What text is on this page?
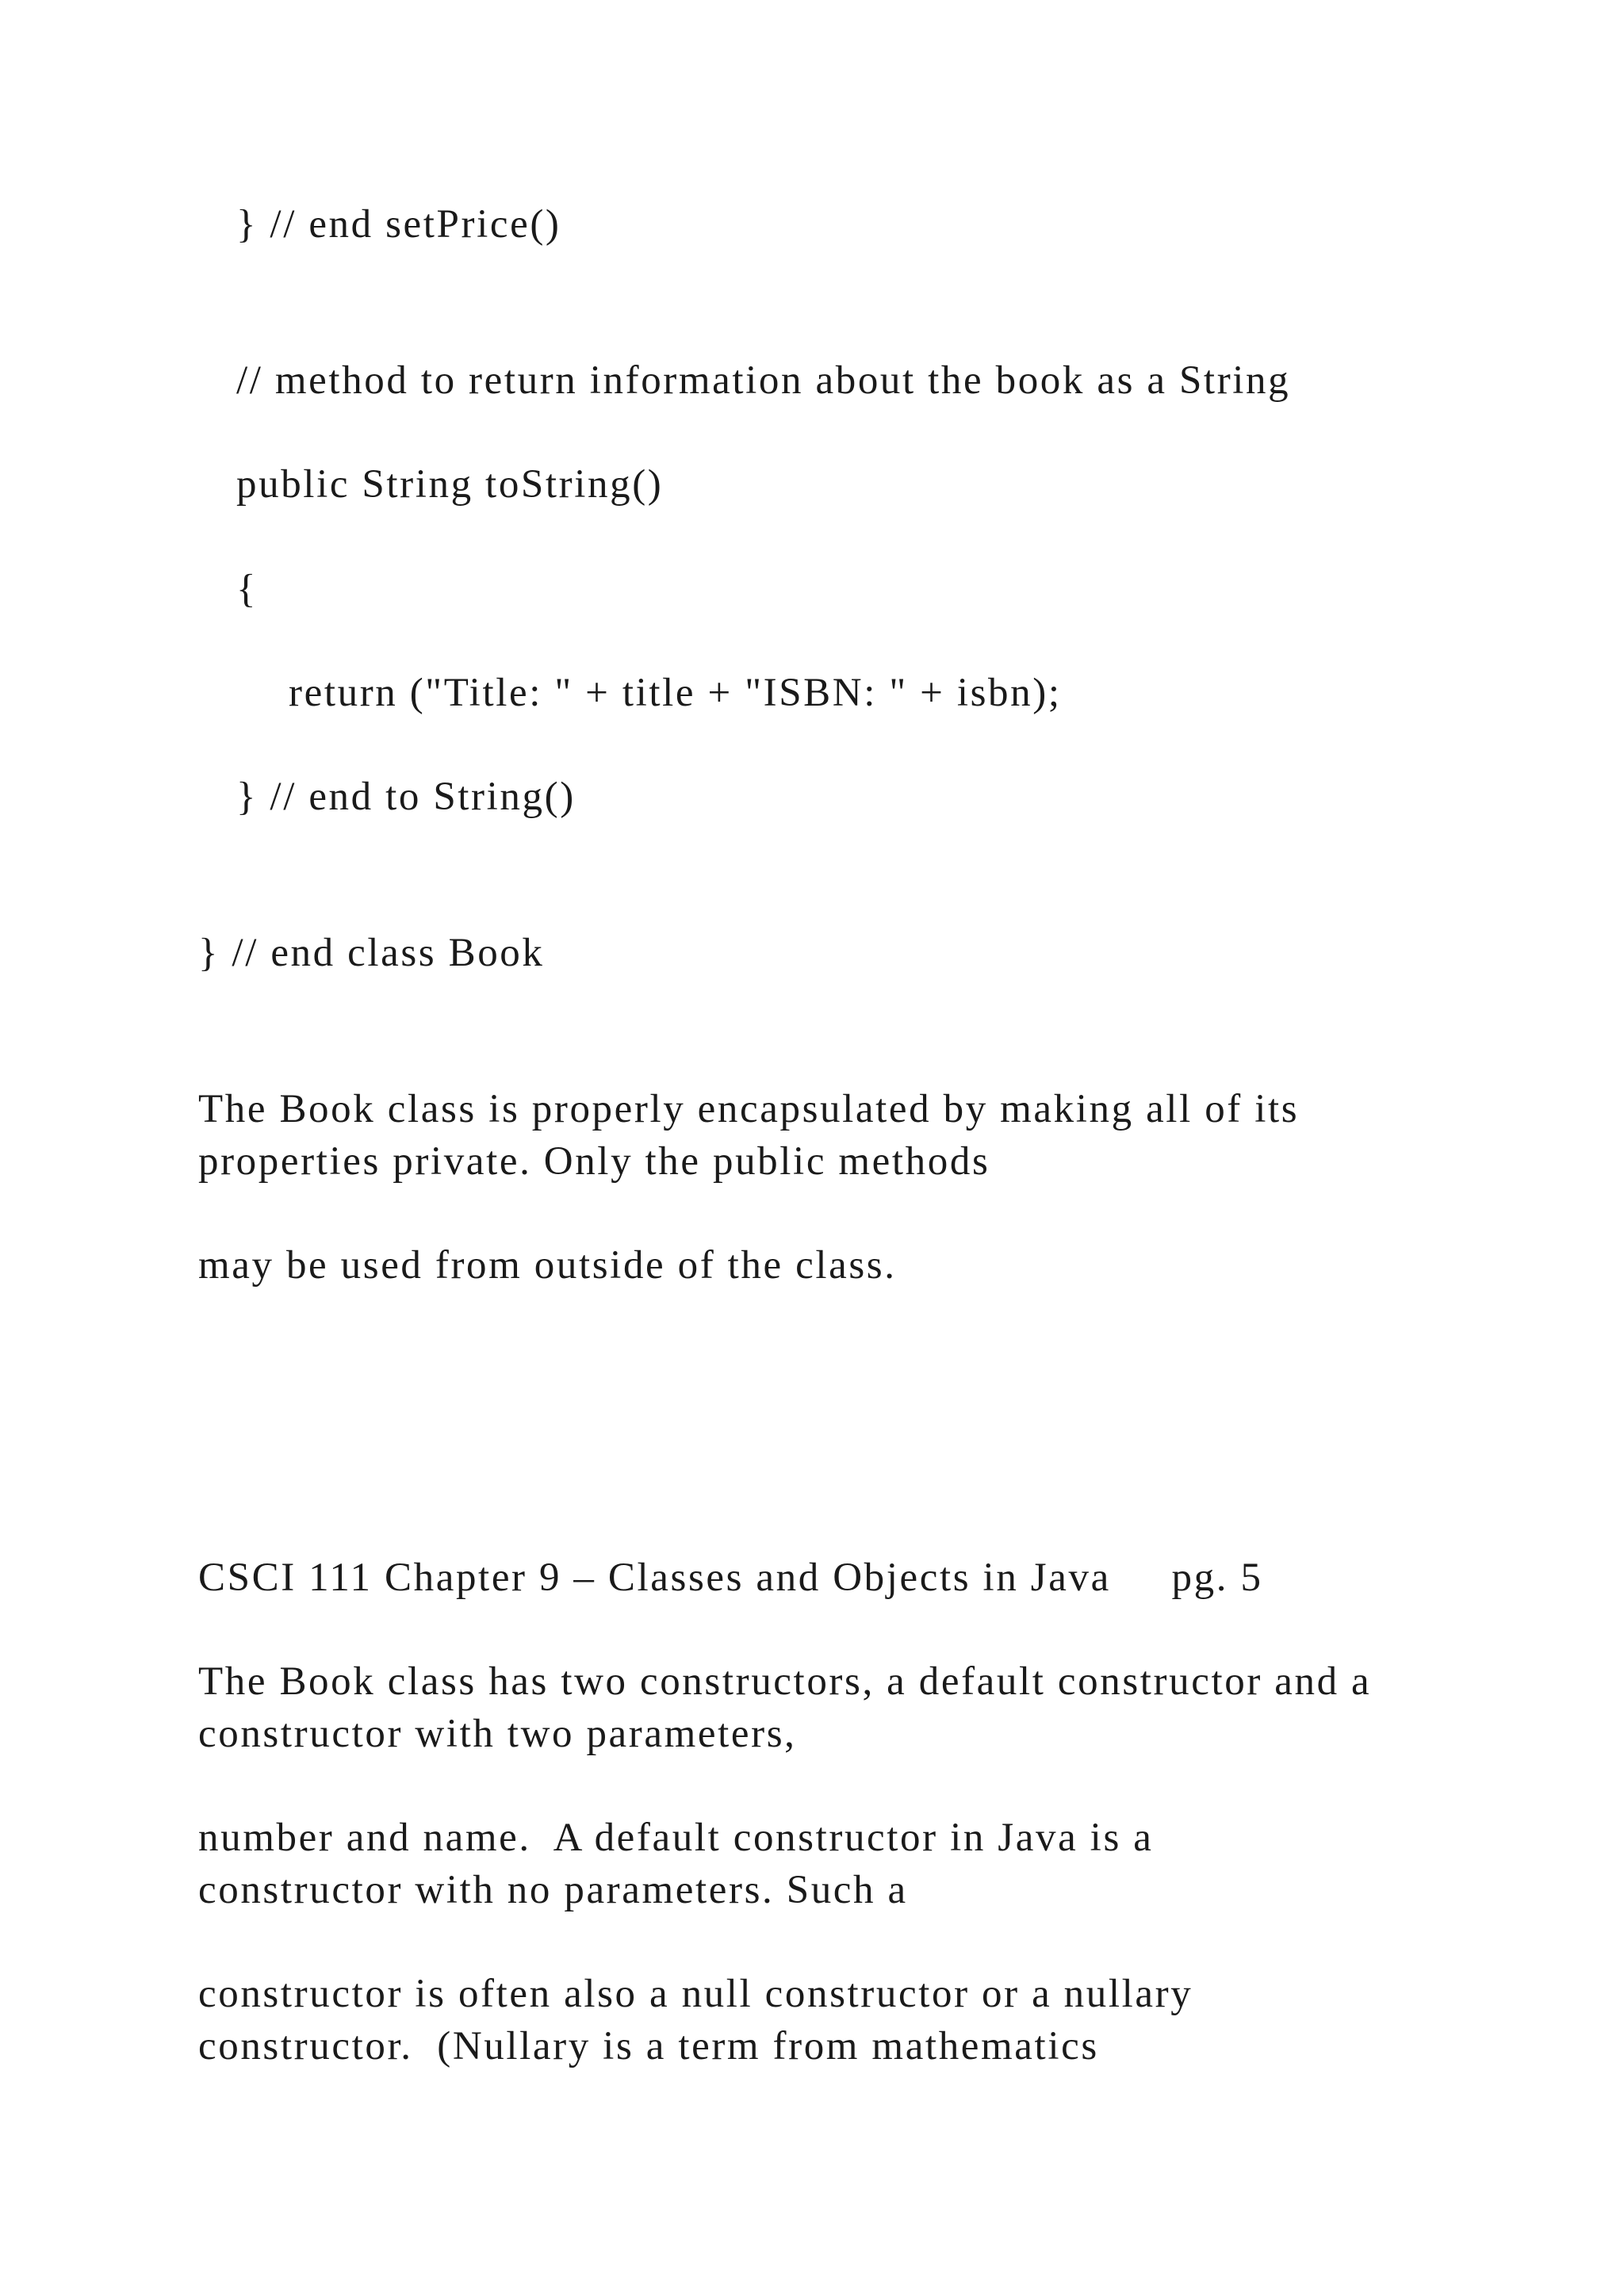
} // end setPrice()
// method to return information about the book as a String
public String toString()
{
return ("Title: " + title + "ISBN: " + isbn);
} // end to String()
} // end class Book
The Book class is properly encapsulated by making all of its
properties private. Only the public methods
may be used from outside of the class.
CSCI 111 Chapter 9 – Classes and Objects in Java     pg. 5
The Book class has two constructors, a default constructor and a
constructor with two parameters,
number and name.  A default constructor in Java is a
constructor with no parameters. Such a
constructor is often also a null constructor or a nullary
constructor.  (Nullary is a term from mathematics
